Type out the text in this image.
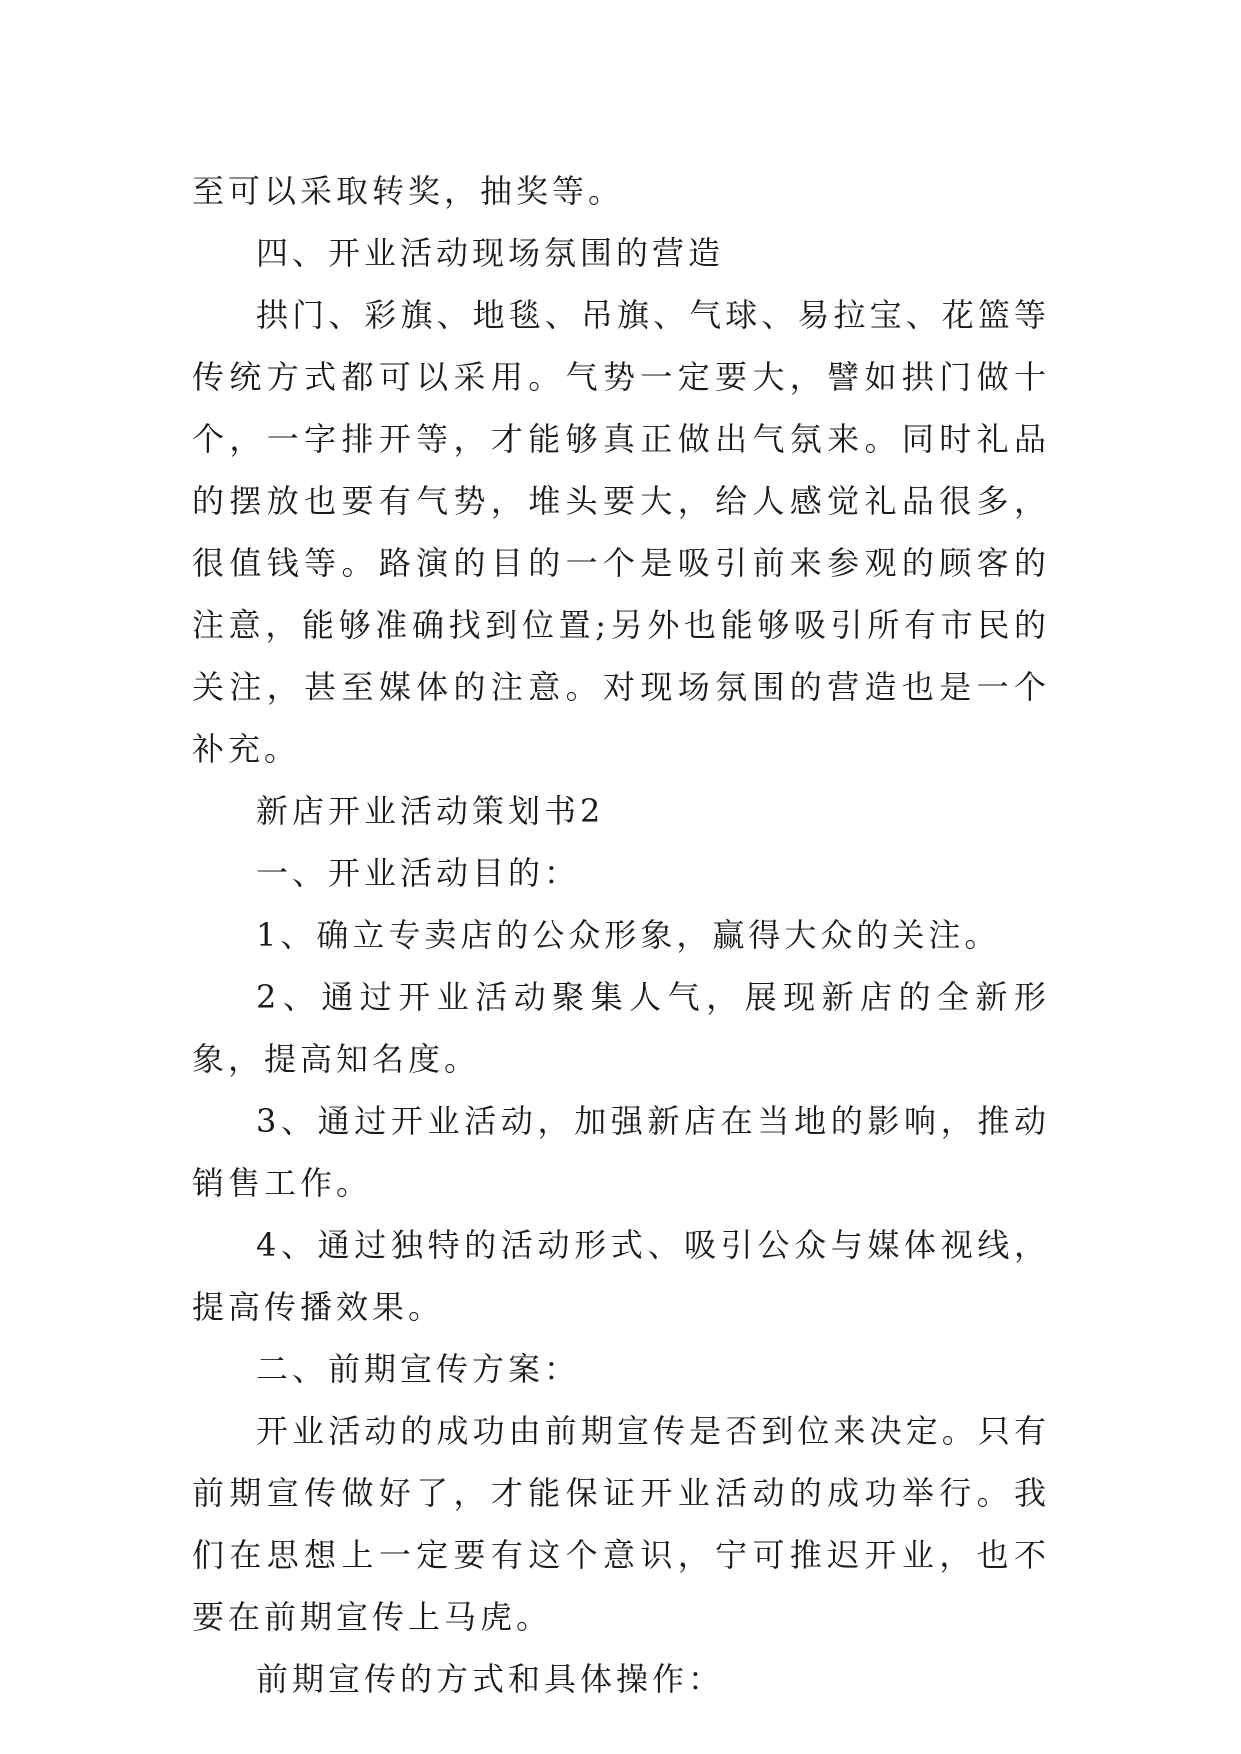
至可以采取转奖，抽奖等。

四、开业活动现场氛围的营造

拱门、彩旗、地毯、吊旗、气球、易拉宝、花篮等传统方式都可以采用。气势一定要大，譬如拱门做十个，一字排开等，才能够真正做出气氛来。同时礼品的摆放也要有气势，堆头要大，给人感觉礼品很多，很值钱等。路演的目的一个是吸引前来参观的顾客的注意，能够准确找到位置;另外也能够吸引所有市民的关注，甚至媒体的注意。对现场氛围的营造也是一个补充。

新店开业活动策划书2

一、开业活动目的：

1、确立专卖店的公众形象，赢得大众的关注。

2、通过开业活动聚集人气，展现新店的全新形象，提高知名度。

3、通过开业活动，加强新店在当地的影响，推动销售工作。

4、通过独特的活动形式、吸引公众与媒体视线，提高传播效果。

二、前期宣传方案：

开业活动的成功由前期宣传是否到位来决定。只有前期宣传做好了，才能保证开业活动的成功举行。我们在思想上一定要有这个意识，宁可推迟开业，也不要在前期宣传上马虎。

前期宣传的方式和具体操作：
